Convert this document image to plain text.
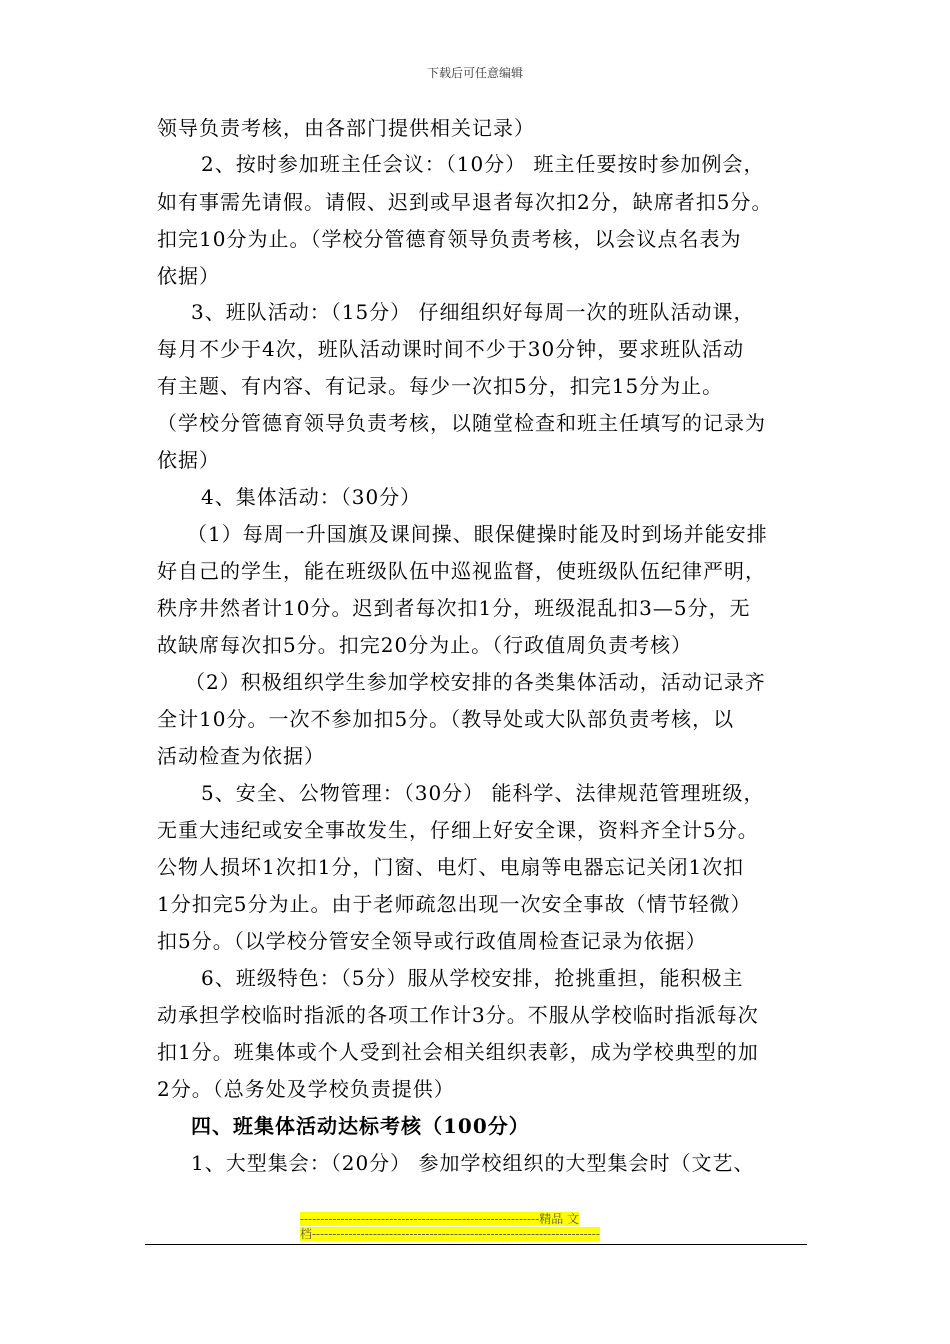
下载后可任意编辑
领导负责考核，由各部门提供相关记录）
2、按时参加班主任会议：（10分） 班主任要按时参加例会，
如有事需先请假。请假、迟到或早退者每次扣2分，缺席者扣5分。
扣完10分为止。（学校分管德育领导负责考核，以会议点名表为
依据）
3、班队活动：（15分） 仔细组织好每周一次的班队活动课，
每月不少于4次，班队活动课时间不少于30分钟，要求班队活动
有主题、有内容、有记录。每少一次扣5分，扣完15分为止。
（学校分管德育领导负责考核，以随堂检查和班主任填写的记录为
依据）
4、集体活动：（30分）
（1）每周一升国旗及课间操、眼保健操时能及时到场并能安排
好自己的学生，能在班级队伍中巡视监督，使班级队伍纪律严明，
秩序井然者计10分。迟到者每次扣1分，班级混乱扣3—5分，无
故缺席每次扣5分。扣完20分为止。（行政值周负责考核）
（2）积极组织学生参加学校安排的各类集体活动，活动记录齐
全计10分。一次不参加扣5分。（教导处或大队部负责考核，以
活动检查为依据）
5、安全、公物管理：（30分） 能科学、法律规范管理班级，
无重大违纪或安全事故发生，仔细上好安全课，资料齐全计5分。
公物人损坏1次扣1分，门窗、电灯、电扇等电器忘记关闭1次扣
1分扣完5分为止。由于老师疏忽出现一次安全事故（情节轻微）
扣5分。（以学校分管安全领导或行政值周检查记录为依据）
6、班级特色：（5分）服从学校安排，抢挑重担，能积极主
动承担学校临时指派的各项工作计3分。不服从学校临时指派每次
扣1分。班集体或个人受到社会相关组织表彰，成为学校典型的加
2分。（总务处及学校负责提供）
四、班集体活动达标考核（100分）
1、大型集会：（20分） 参加学校组织的大型集会时（文艺、
-----------------------------------------------------------精品 文
档-----------------------------------------------------------------------
